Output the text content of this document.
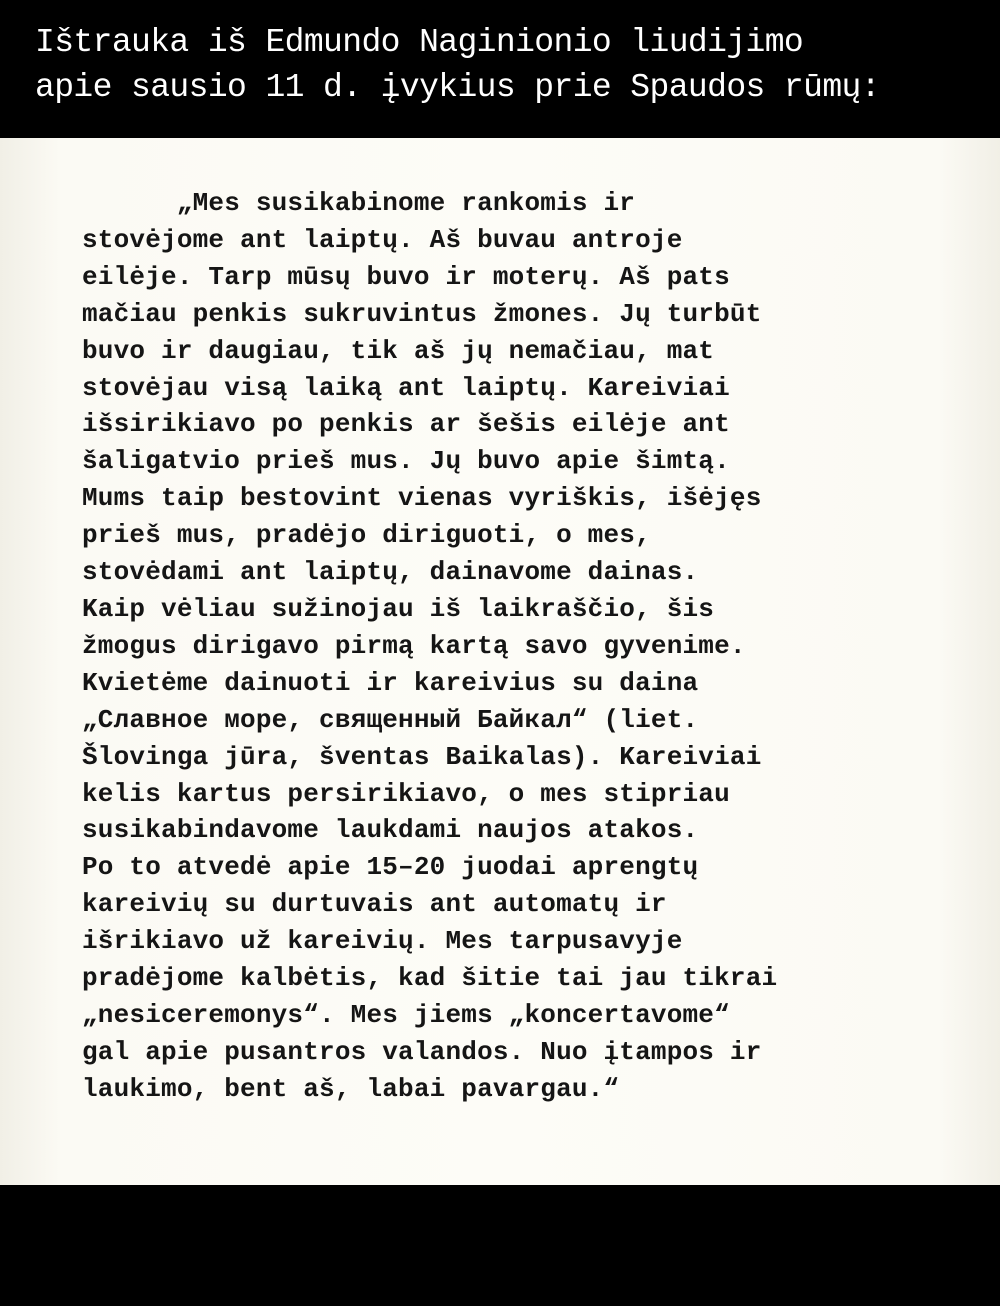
Ištrauka iš Edmundo Naginionio liudijimo
apie sausio 11 d. įvykius prie Spaudos rūmų:
„Mes susikabinome rankomis ir
stovėjome ant laiptų. Aš buvau antroje
eilėje. Tarp mūsų buvo ir moterų. Aš pats
mačiau penkis sukruvintus žmones. Jų turbūt
buvo ir daugiau, tik aš jų nemačiau, mat
stovėjau visą laiką ant laiptų. Kareiviai
išsirikiavo po penkis ar šešis eilėje ant
šaligatvio prieš mus. Jų buvo apie šimtą.
Mums taip bestovint vienas vyriškis, išėjęs
prieš mus, pradėjo diriguoti, o mes,
stovėdami ant laiptų, dainavome dainas.
Kaip vėliau sužinojau iš laikraščio, šis
žmogus dirigavo pirmą kartą savo gyvenime.
Kvietėme dainuoti ir kareivius su daina
„Славное море, священный Байкал“ (liet.
Šlovinga jūra, šventas Baikalas). Kareiviai
kelis kartus persirikiavo, o mes stipriau
susikabindavome laukdami naujos atakos.
Po to atvedė apie 15–20 juodai aprengtų
kareivių su durtuvais ant automatų ir
išrikiavo už kareivių. Mes tarpusavyje
pradėjome kalbėtis, kad šitie tai jau tikrai
„nesiceremonys“. Mes jiems „koncertavome“
gal apie pusantros valandos. Nuo įtampos ir
laukimo, bent aš, labai pavargau.“
